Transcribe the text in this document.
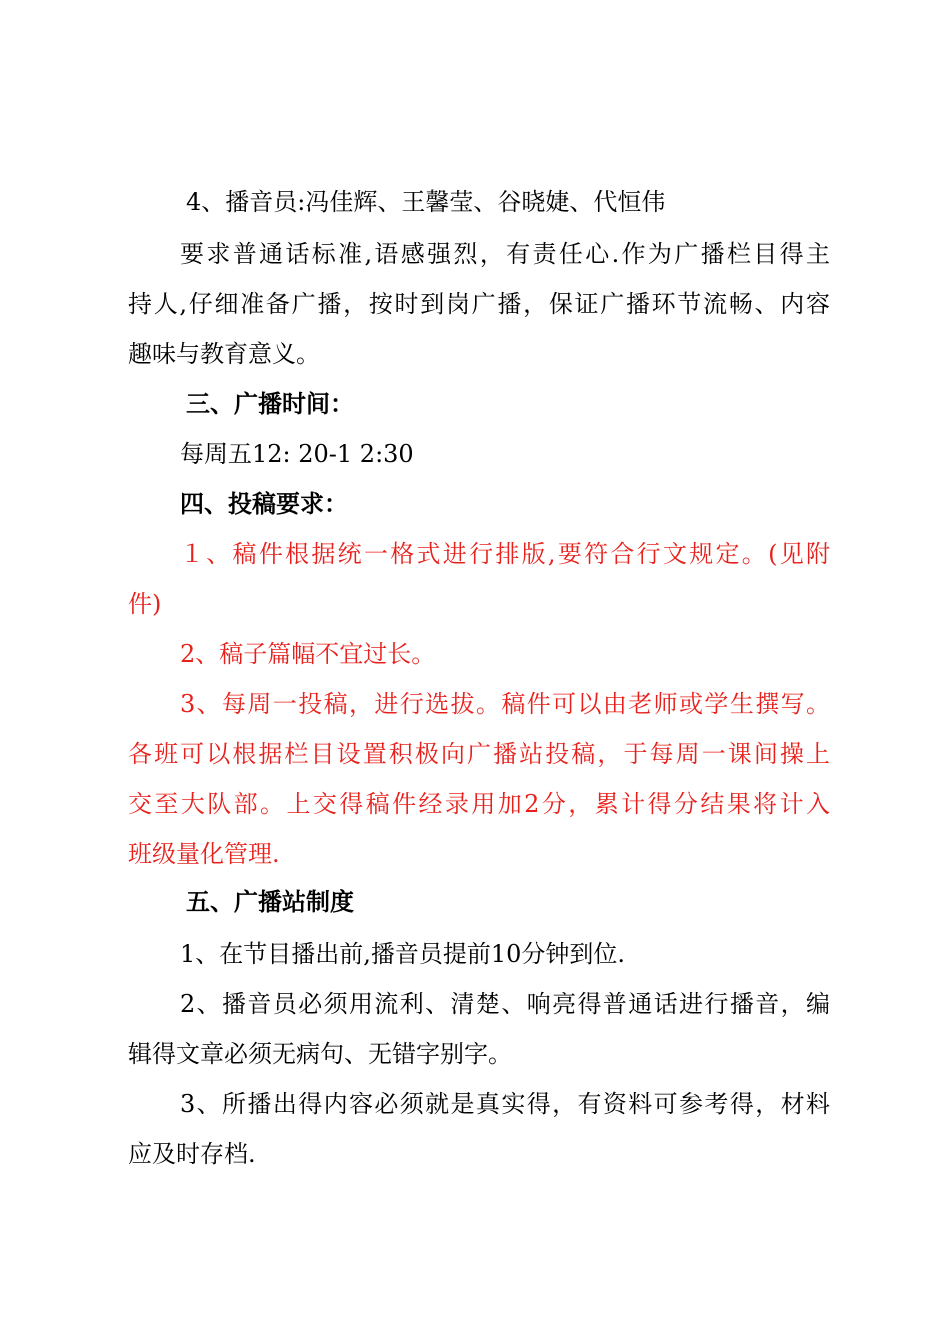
4、播音员:冯佳辉、王馨莹、谷晓婕、代恒伟
要求普通话标准,语感强烈，有责任心.作为广播栏目得主
持人,仔细准备广播，按时到岗广播，保证广播环节流畅、内容
趣味与教育意义。
三、广播时间：
每周五12: 20-1 2:30
四、投稿要求：
１、稿件根据统一格式进行排版,要符合行文规定。(见附
件)
2、稿子篇幅不宜过长。
3、每周一投稿，进行选拔。稿件可以由老师或学生撰写。
各班可以根据栏目设置积极向广播站投稿，于每周一课间操上
交至大队部。上交得稿件经录用加2分，累计得分结果将计入
班级量化管理.
五、广播站制度
1、在节目播出前,播音员提前10分钟到位.
2、播音员必须用流利、清楚、响亮得普通话进行播音，编
辑得文章必须无病句、无错字别字。
3、所播出得内容必须就是真实得，有资料可参考得，材料
应及时存档.
